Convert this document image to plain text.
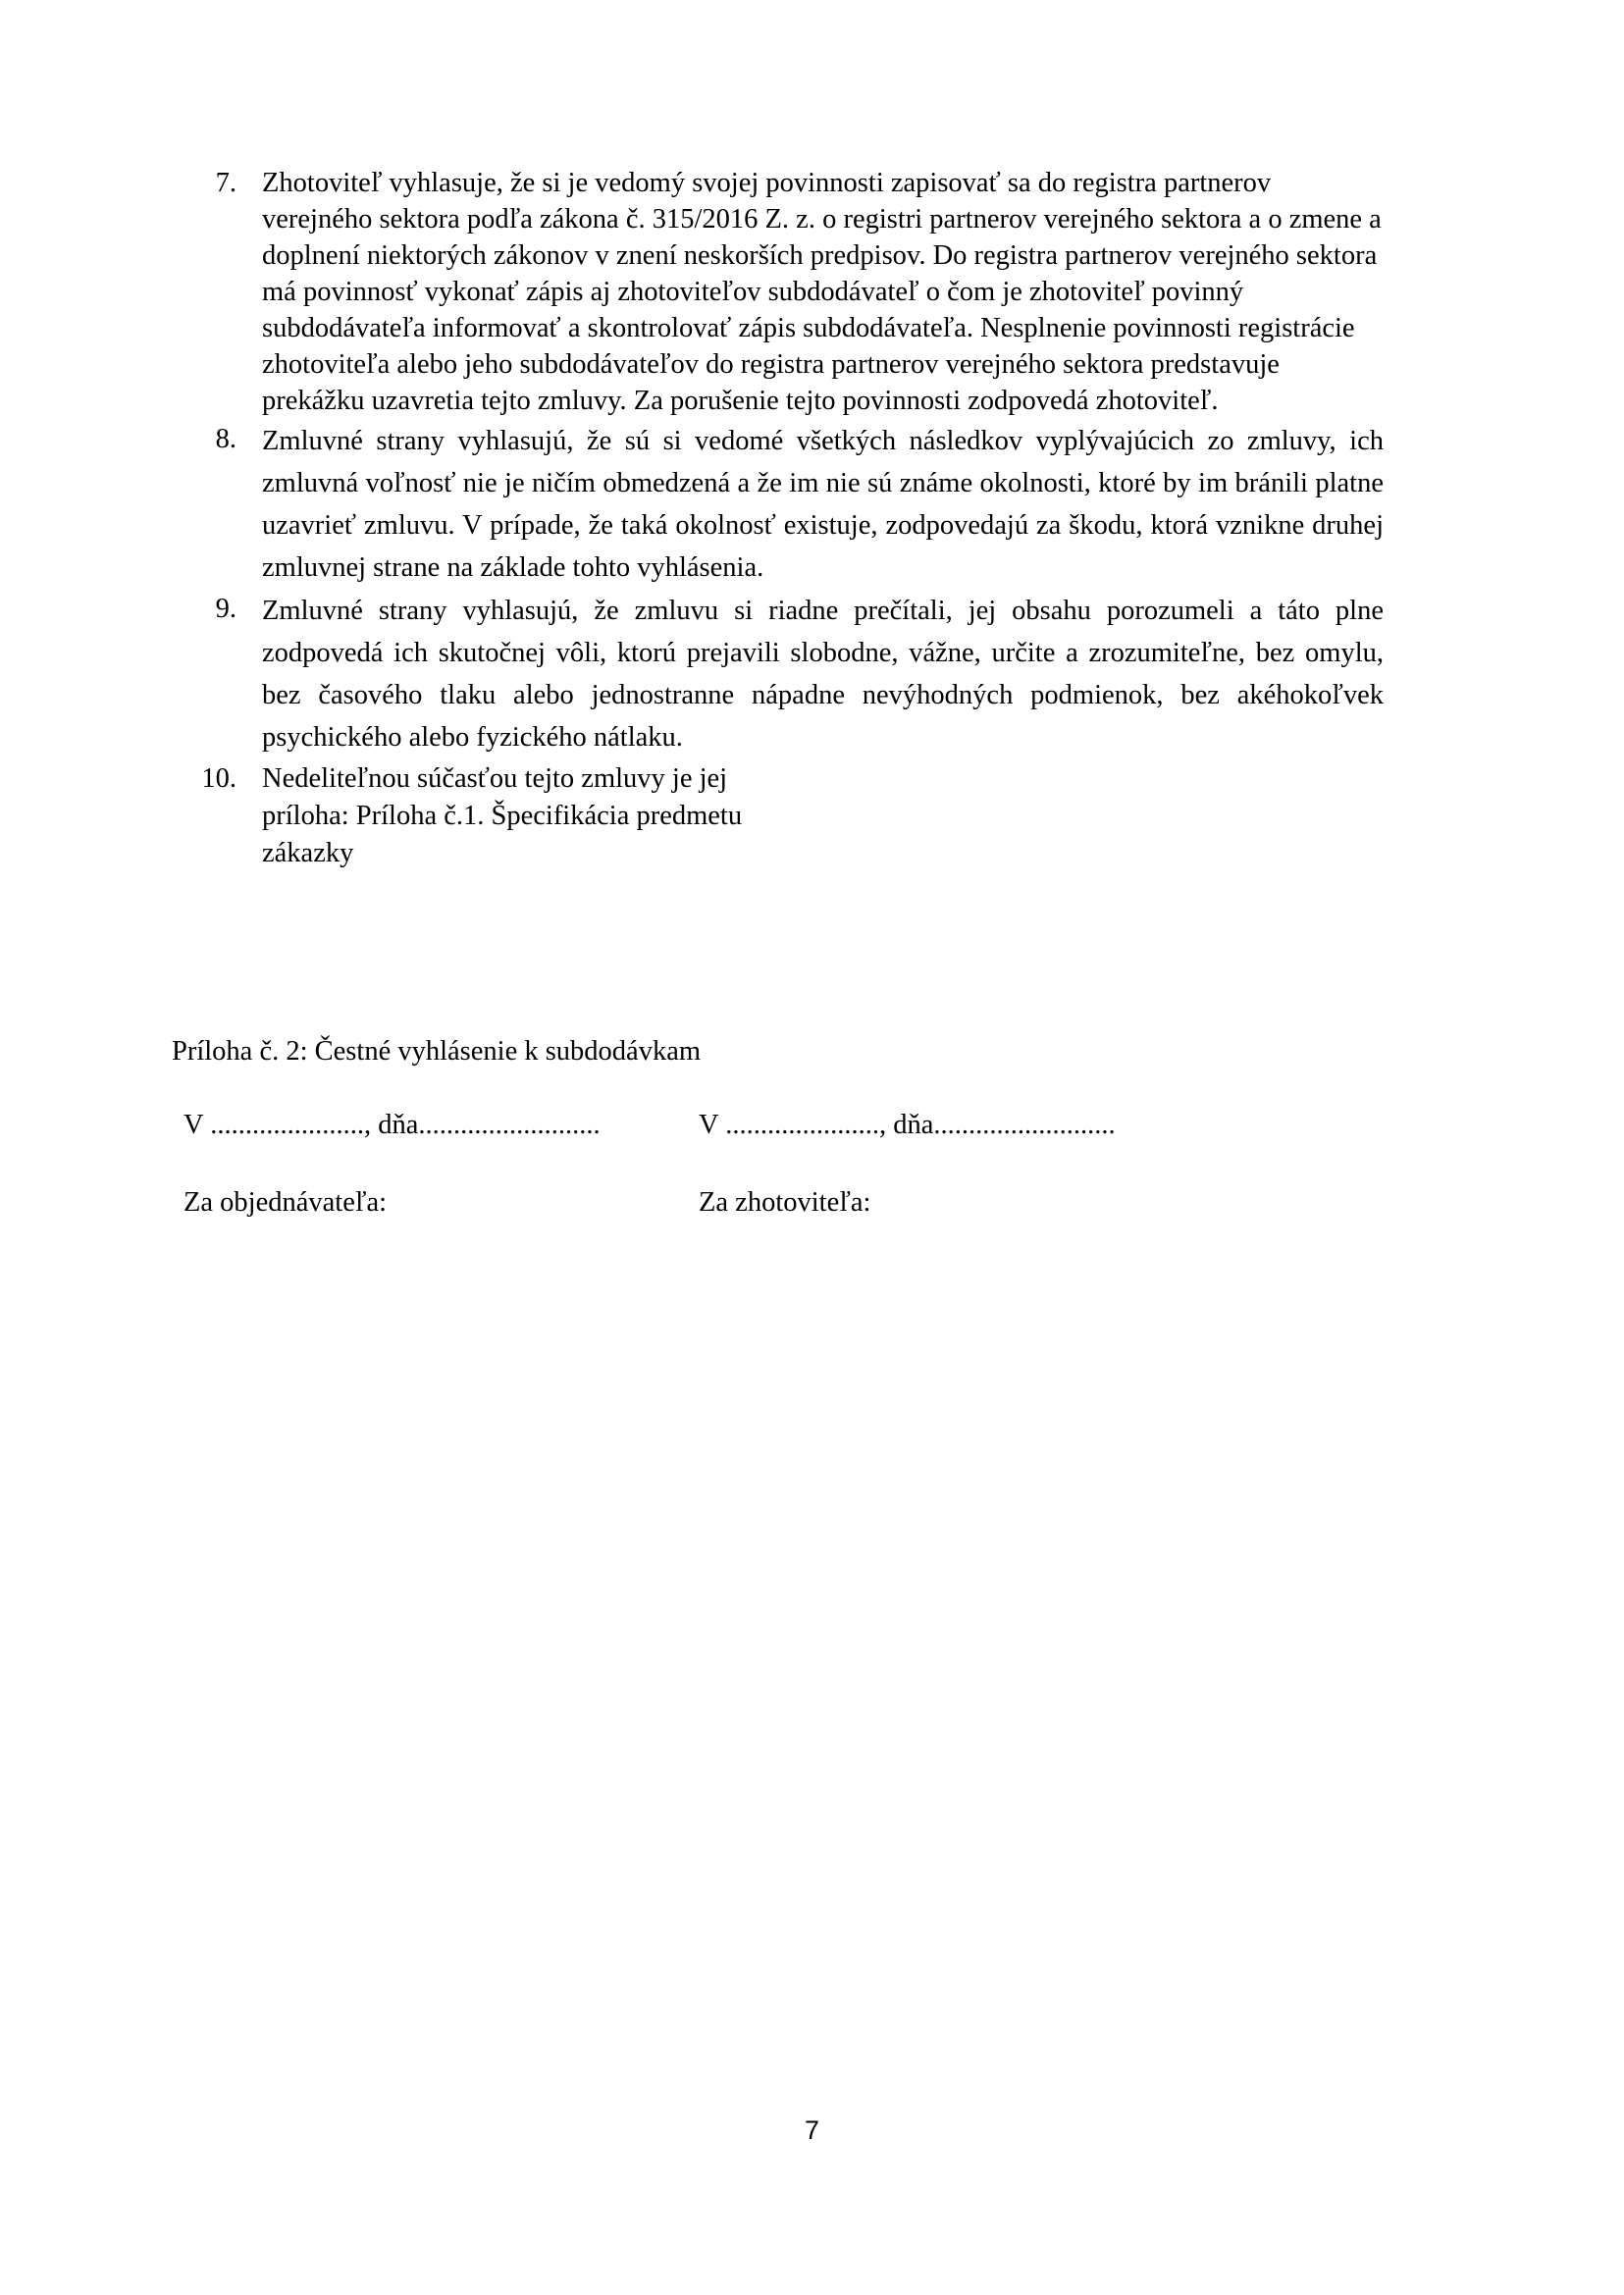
7. Zhotoviteľ vyhlasuje, že si je vedomý svojej povinnosti zapisovať sa do registra partnerov verejného sektora podľa zákona č. 315/2016 Z. z. o registri partnerov verejného sektora a o zmene a doplnení niektorých zákonov v znení neskorších predpisov. Do registra partnerov verejného sektora má povinnosť vykonať zápis aj zhotoviteľov subdodávateľ o čom je zhotoviteľ povinný subdodávateľa informovať a skontrolovať zápis subdodávateľa. Nesplnenie povinnosti registrácie zhotoviteľa alebo jeho subdodávateľov do registra partnerov verejného sektora predstavuje prekážku uzavretia tejto zmluvy. Za porušenie tejto povinnosti zodpovedá zhotoviteľ.
8. Zmluvné strany vyhlasujú, že sú si vedomé všetkých následkov vyplývajúcich zo zmluvy, ich zmluvná voľnosť nie je ničím obmedzená a že im nie sú známe okolnosti, ktoré by im bránili platne uzavrieť zmluvu. V prípade, že taká okolnosť existuje, zodpovedajú za škodu, ktorá vznikne druhej zmluvnej strane na základe tohto vyhlásenia.
9. Zmluvné strany vyhlasujú, že zmluvu si riadne prečítali, jej obsahu porozumeli a táto plne zodpovedá ich skutočnej vôli, ktorú prejavili slobodne, vážne, určite a zrozumiteľne, bez omylu, bez časového tlaku alebo jednostranne nápadne nevýhodných podmienok, bez akéhokoľvek psychického alebo fyzického nátlaku.
10. Nedeliteľnou súčasťou tejto zmluvy je jej
príloha: Príloha č.1. Špecifikácia predmetu
zákazky
Príloha č. 2: Čestné vyhlásenie k subdodávkam
V ......................, dňa..........................
Za objednávateľa:
V ......................, dňa..........................
Za zhotoviteľa:
7
